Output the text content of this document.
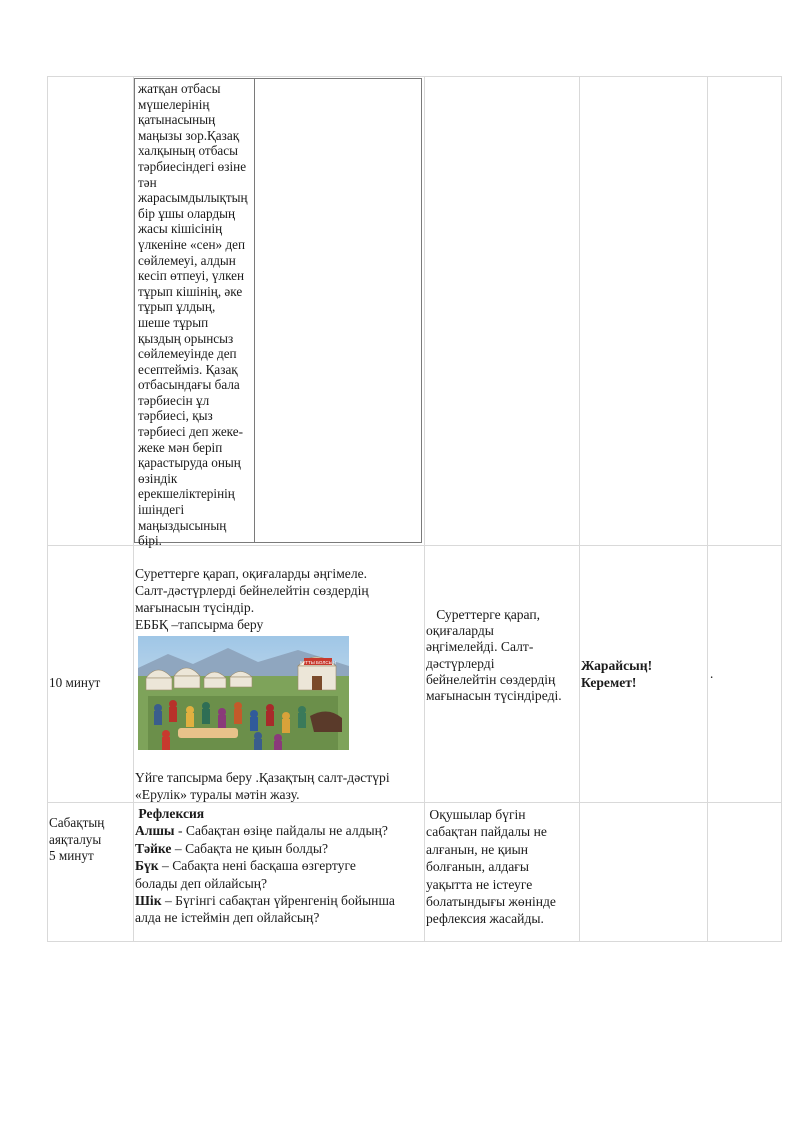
жатқан отбасы
мүшелерінің
қатынасының
маңызы зор.Қазақ
халқының отбасы
тәрбиесіндегі өзіне
тән
жарасымдылықтың
бір ұшы олардың
жасы кішісінің
үлкеніне «сен» деп
сөйлемеуі, алдын
кесіп өтпеуі, үлкен
тұрып кішінің, әке
тұрып ұлдың,
шеше тұрып
қыздың орынсыз
сөйлемеуінде деп
есептейміз. Қазақ
отбасындағы бала
тәрбиесін ұл
тәрбиесі, қыз
тәрбиесі деп жеке-
жеке мән беріп
қарастыруда оның
өзіндік
ерекшеліктерінің
ішіндегі
маңыздысының
бірі.
10 минут
Суреттерге қарап, оқиғаларды әңгімеле.
Салт-дәстүрлерді бейнелейтін сөздердің
мағынасын түсіндір.
ЕББҚ –тапсырма беру
ҚҰТТЫ БОЛСЫН
Үйге тапсырма беру .Қазақтың салт-дәстүрі
«Ерулік» туралы мәтін жазу.
Суреттерге қарап,
оқиғаларды
әңгімелейді. Салт-
дәстүрлерді
бейнелейтін сөздердің
мағынасын түсіндіреді.
Жарайсың!
Керемет!
.
Сабақтың
аяқталуы
5 минут
Рефлексия
Алшы - Сабақтан өзіңе пайдалы не алдың?
Тәйке – Сабақта не қиын болды?
Бүк – Сабақта нені басқаша өзгертуге
болады деп ойлайсың?
Шік – Бүгінгі сабақтан үйренгенің бойынша
алда не істеймін деп ойлайсың?
Оқушылар бүгін
сабақтан пайдалы не
алғанын, не қиын
болғанын, алдағы
уақытта не істеуге
болатындығы жөнінде
рефлексия жасайды.
